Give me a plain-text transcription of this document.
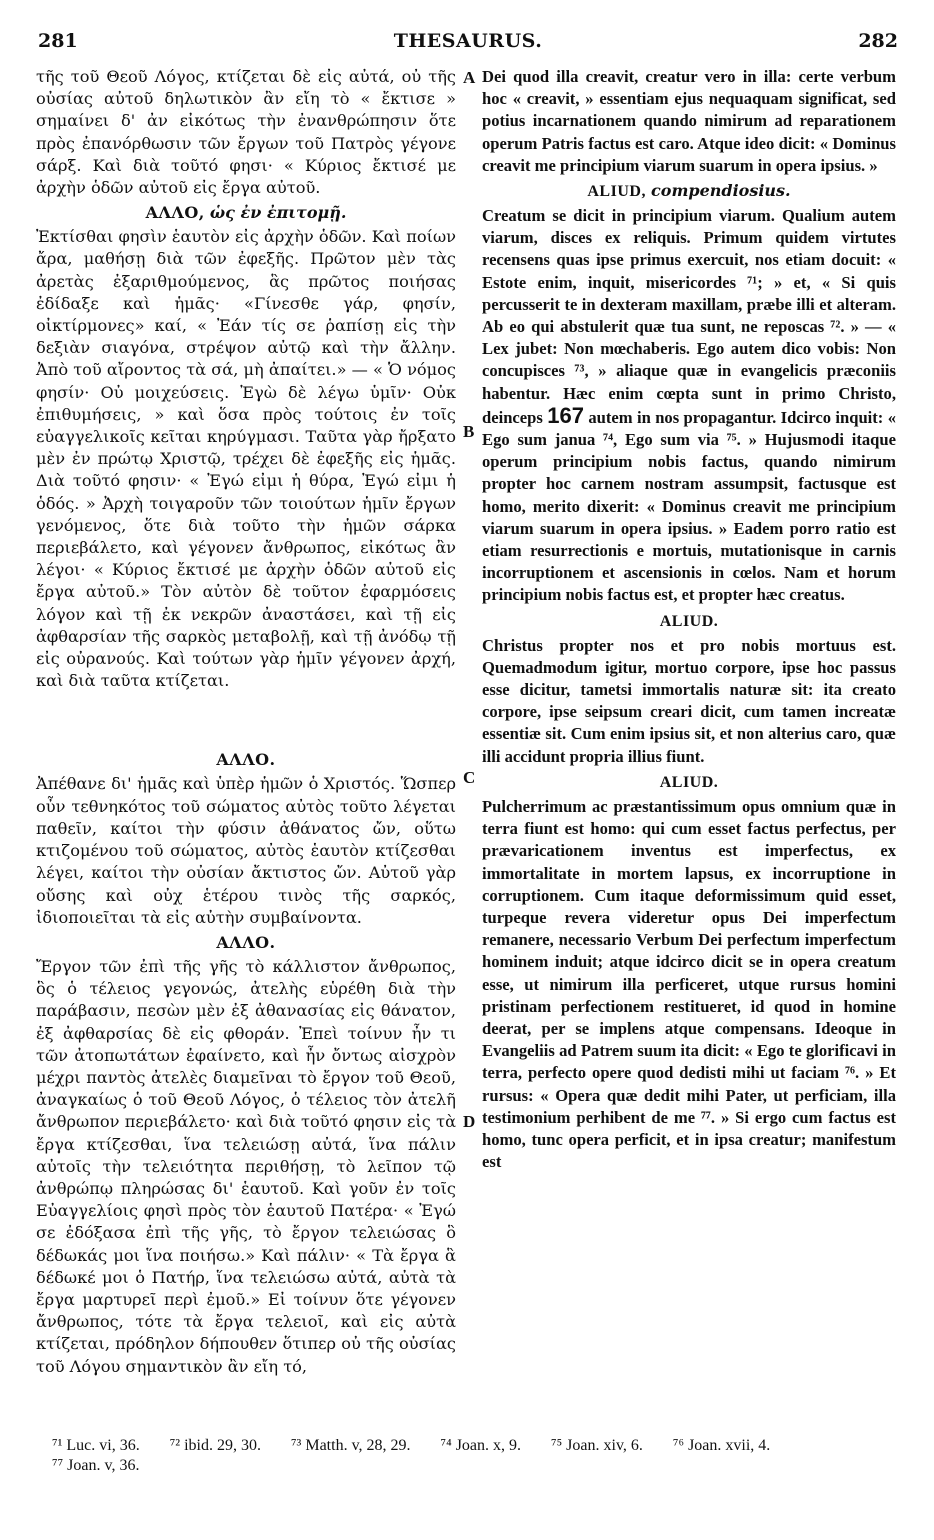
281	THESAURUS.	282
A
B
C
D

τῆς τοῦ Θεοῦ Λόγος, κτίζεται δὲ εἰς αὐτά, οὐ τῆς οὐσίας αὐτοῦ δηλωτικὸν ἂν εἴη τὸ « ἔκτισε » σημαίνει δ' ἀν εἰκότως τὴν ἐνανθρώπησιν ὅτε πρὸς ἐπανόρθωσιν τῶν ἔργων τοῦ Πατρὸς γέγονε σάρξ. Καὶ διὰ τοῦτό φησι· « Κύριος ἔκτισέ με ἀρχὴν ὁδῶν αὐτοῦ εἰς ἔργα αὐτοῦ.

ΑΛΛΟ, ὡς ἐν ἐπιτομῇ.

Ἐκτίσθαι φησὶν ἑαυτὸν εἰς ἀρχὴν ὁδῶν. Καὶ ποίων ἄρα, μαθήσῃ διὰ τῶν ἐφεξῆς. Πρῶτον μὲν τὰς ἀρετὰς ἐξαριθμούμενος, ἃς πρῶτος ποιήσας ἐδίδαξε καὶ ἡμᾶς· «Γίνεσθε γάρ, φησίν, οἰκτίρμονες» καί, « Ἐάν τίς σε ῥαπίσῃ εἰς τὴν δεξιὰν σιαγόνα, στρέψον αὐτῷ καὶ τὴν ἄλλην. Ἀπὸ τοῦ αἴροντος τὰ σά, μὴ ἀπαίτει.» — « Ὁ νόμος φησίν· Οὐ μοιχεύσεις. Ἐγὼ δὲ λέγω ὑμῖν· Οὐκ ἐπιθυμήσεις, » καὶ ὅσα πρὸς τούτοις ἐν τοῖς εὐαγγελικοῖς κεῖται κηρύγμασι. Ταῦτα γὰρ ἤρξατο μὲν ἐν πρώτῳ Χριστῷ, τρέχει δὲ ἐφεξῆς εἰς ἡμᾶς. Διὰ τοῦτό φησιν· « Ἐγώ εἰμι ἡ θύρα, Ἐγώ εἰμι ἡ ὁδός. » Ἀρχὴ τοιγαροῦν τῶν τοιούτων ἡμῖν ἔργων γενόμενος, ὅτε διὰ τοῦτο τὴν ἡμῶν σάρκα περιεβάλετο, καὶ γέγονεν ἄνθρωπος, εἰκότως ἂν λέγοι· « Κύριος ἔκτισέ με ἀρχὴν ὁδῶν αὐτοῦ εἰς ἔργα αὐτοῦ.» Τὸν αὐτὸν δὲ τοῦτον ἐφαρμόσεις λόγον καὶ τῇ ἐκ νεκρῶν ἀναστάσει, καὶ τῇ εἰς ἀφθαρσίαν τῆς σαρκὸς μεταβολῇ, καὶ τῇ ἀνόδῳ τῇ εἰς οὐρανούς. Καὶ τούτων γὰρ ἡμῖν γέγονεν ἀρχή, καὶ διὰ ταῦτα κτίζεται.

ΑΛΛΟ.

Ἀπέθανε δι' ἡμᾶς καὶ ὑπὲρ ἡμῶν ὁ Χριστός. Ὥσπερ οὖν τεθνηκότος τοῦ σώματος αὐτὸς τοῦτο λέγεται παθεῖν, καίτοι τὴν φύσιν ἀθάνατος ὤν, οὕτω κτιζομένου τοῦ σώματος, αὐτὸς ἑαυτὸν κτίζεσθαι λέγει, καίτοι τὴν οὐσίαν ἄκτιστος ὤν. Αὐτοῦ γὰρ οὔσης καὶ οὐχ ἑτέρου τινὸς τῆς σαρκός, ἰδιοποιεῖται τὰ εἰς αὐτὴν συμβαίνοντα.

ΑΛΛΟ.

Ἔργον τῶν ἐπὶ τῆς γῆς τὸ κάλλιστον ἄνθρωπος, ὃς ὁ τέλειος γεγονώς, ἀτελὴς εὑρέθη διὰ τὴν παράβασιν, πεσὼν μὲν ἐξ ἀθανασίας εἰς θάνατον, ἐξ ἀφθαρσίας δὲ εἰς φθοράν. Ἐπεὶ τοίνυν ἦν τι τῶν ἀτοπωτάτων ἐφαίνετο, καὶ ἦν ὄντως αἰσχρὸν μέχρι παντὸς ἀτελὲς διαμεῖναι τὸ ἔργον τοῦ Θεοῦ, ἀναγκαίως ὁ τοῦ Θεοῦ Λόγος, ὁ τέλειος τὸν ἀτελῆ ἄνθρωπον περιεβάλετο· καὶ διὰ τοῦτό φησιν εἰς τὰ ἔργα κτίζεσθαι, ἵνα τελειώσῃ αὐτά, ἵνα πάλιν αὐτοῖς τὴν τελειότητα περιθήσῃ, τὸ λεῖπον τῷ ἀνθρώπῳ πληρώσας δι' ἑαυτοῦ. Καὶ γοῦν ἐν τοῖς Εὐαγγελίοις φησὶ πρὸς τὸν ἑαυτοῦ Πατέρα· « Ἐγώ σε ἐδόξασα ἐπὶ τῆς γῆς, τὸ ἔργον τελειώσας ὃ δέδωκάς μοι ἵνα ποιήσω.» Καὶ πάλιν· « Τὰ ἔργα ἃ δέδωκέ μοι ὁ Πατήρ, ἵνα τελειώσω αὐτά, αὐτὰ τὰ ἔργα μαρτυρεῖ περὶ ἐμοῦ.» Εἰ τοίνυν ὅτε γέγονεν ἄνθρωπος, τότε τὰ ἔργα τελειοῖ, καὶ εἰς αὐτὰ κτίζεται, πρόδηλον δήπουθεν ὅτιπερ οὐ τῆς οὐσίας τοῦ Λόγου σημαντικὸν ἂν εἴη τό,

Dei quod illa creavit, creatur vero in illa: certe verbum hoc « creavit, » essentiam ejus nequaquam significat, sed potius incarnationem quando nimirum ad reparationem operum Patris factus est caro. Atque ideo dicit: « Dominus creavit me principium viarum suarum in opera ipsius. »

ALIUD, compendiosius.

Creatum se dicit in principium viarum. Qualium autem viarum, disces ex reliquis. Primum quidem virtutes recensens quas ipse primus exercuit, nos etiam docuit: « Estote enim, inquit, misericordes ⁷¹; » et, « Si quis percusserit te in dexteram maxillam, præbe illi et alteram. Ab eo qui abstulerit quæ tua sunt, ne reposcas ⁷². » — « Lex jubet: Non mœchaberis. Ego autem dico vobis: Non concupisces ⁷³, » aliaque quæ in evangelicis præconiis habentur. Hæc enim cœpta sunt in primo Christo, deinceps 167 autem in nos propagantur. Idcirco inquit: « Ego sum janua ⁷⁴, Ego sum via ⁷⁵. » Hujusmodi itaque operum principium nobis factus, quando nimirum propter hoc carnem nostram assumpsit, factusque est homo, merito dixerit: « Dominus creavit me principium viarum suarum in opera ipsius. » Eadem porro ratio est etiam resurrectionis e mortuis, mutationisque in carnis incorruptionem et ascensionis in cœlos. Nam et horum principium nobis factus est, et propter hæc creatus.

ALIUD.

Christus propter nos et pro nobis mortuus est. Quemadmodum igitur, mortuo corpore, ipse hoc passus esse dicitur, tametsi immortalis naturæ sit: ita creato corpore, ipse seipsum creari dicit, cum tamen increatæ essentiæ sit. Cum enim ipsius sit, et non alterius caro, quæ illi accidunt propria illius fiunt.

ALIUD.

Pulcherrimum ac præstantissimum opus omnium quæ in terra fiunt est homo: qui cum esset factus perfectus, per prævaricationem inventus est imperfectus, ex immortalitate in mortem lapsus, ex incorruptione in corruptionem. Cum itaque deformissimum quid esset, turpeque revera videretur opus Dei imperfectum remanere, necessario Verbum Dei perfectum imperfectum hominem induit; atque idcirco dicit se in opera creatum esse, ut nimirum illa perficeret, utque rursus homini pristinam perfectionem restitueret, id quod in homine deerat, per se implens atque compensans. Ideoque in Evangeliis ad Patrem suum ita dicit: « Ego te glorificavi in terra, perfecto opere quod dedisti mihi ut faciam ⁷⁶. » Et rursus: « Opera quæ dedit mihi Pater, ut perficiam, illa testimonium perhibent de me ⁷⁷. » Si ergo cum factus est homo, tunc opera perficit, et in ipsa creatur; manifestum est

⁷¹ Luc. vi, 36. ⁷² ibid. 29, 30. ⁷³ Matth. v, 28, 29. ⁷⁴ Joan. x, 9. ⁷⁵ Joan. xiv, 6. ⁷⁶ Joan. xvii, 4.
⁷⁷ Joan. v, 36.
